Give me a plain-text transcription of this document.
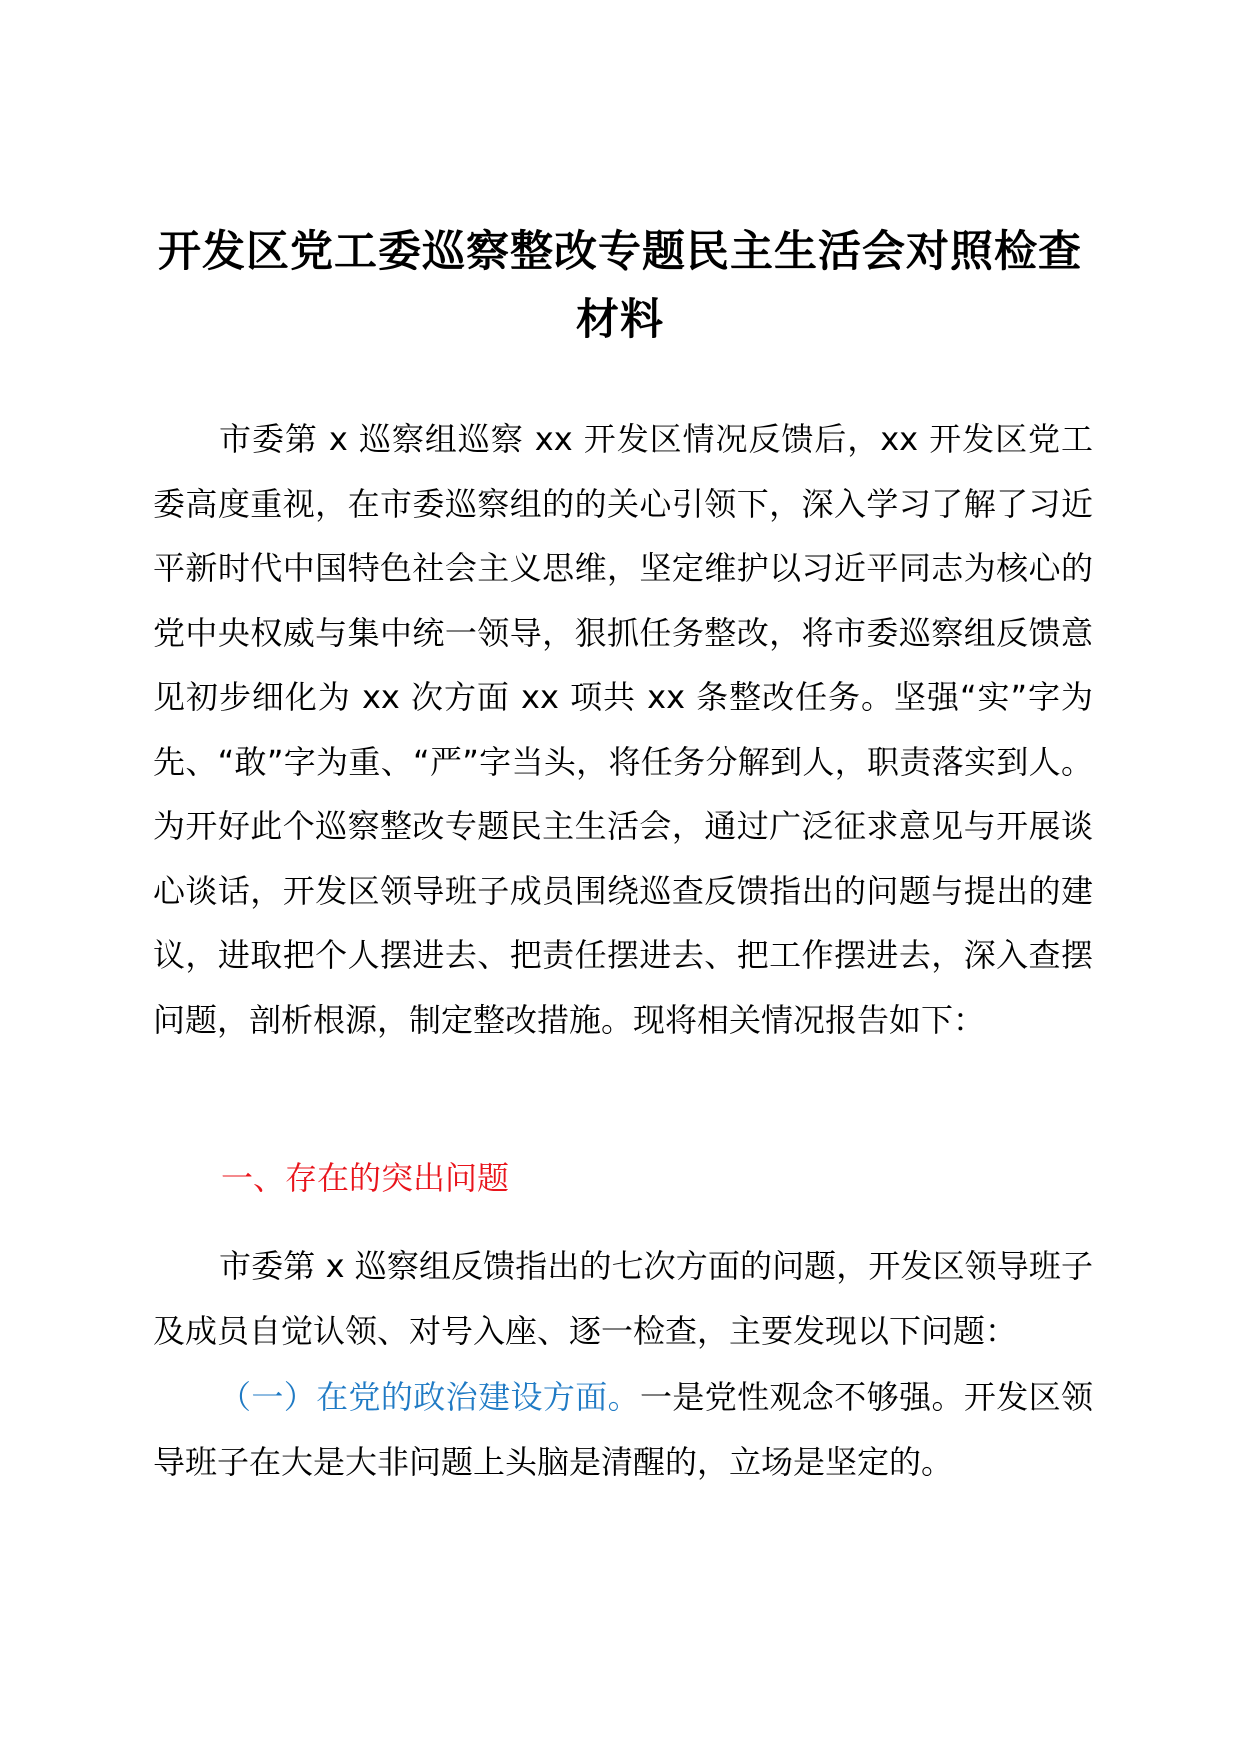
开发区党工委巡察整改专题民主生活会对照检查材料

市委第 x 巡察组巡察 xx 开发区情况反馈后，xx 开发区党工委高度重视，在市委巡察组的的关心引领下，深入学习了解了习近平新时代中国特色社会主义思维，坚定维护以习近平同志为核心的党中央权威与集中统一领导，狠抓任务整改，将市委巡察组反馈意见初步细化为 xx 次方面 xx 项共 xx 条整改任务。坚强“实”字为先、“敢”字为重、“严”字当头，将任务分解到人，职责落实到人。为开好此个巡察整改专题民主生活会，通过广泛征求意见与开展谈心谈话，开发区领导班子成员围绕巡查反馈指出的问题与提出的建议，进取把个人摆进去、把责任摆进去、把工作摆进去，深入查摆问题，剖析根源，制定整改措施。现将相关情况报告如下：

一、存在的突出问题

市委第 x 巡察组反馈指出的七次方面的问题，开发区领导班子及成员自觉认领、对号入座、逐一检查，主要发现以下问题：

（一）在党的政治建设方面。一是党性观念不够强。开发区领导班子在大是大非问题上头脑是清醒的，立场是坚定的。
